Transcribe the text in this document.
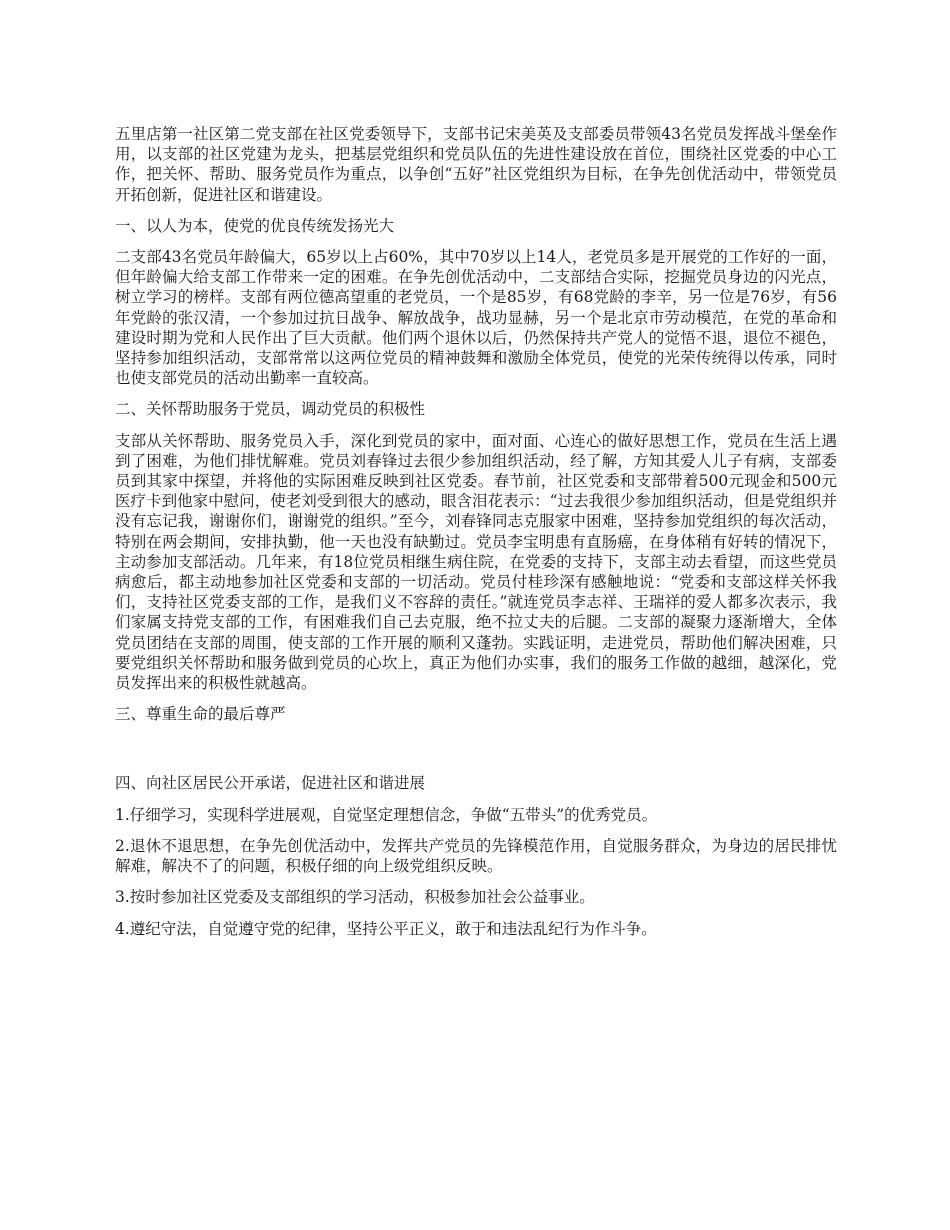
五里店第一社区第二党支部在社区党委领导下，支部书记宋美英及支部委员带领43名党员发挥战斗堡垒作用，以支部的社区党建为龙头，把基层党组织和党员队伍的先进性建设放在首位，围绕社区党委的中心工作，把关怀、帮助、服务党员作为重点，以争创“五好”社区党组织为目标，在争先创优活动中，带领党员开拓创新，促进社区和谐建设。

一、以人为本，使党的优良传统发扬光大

二支部43名党员年龄偏大，65岁以上占60%，其中70岁以上14人，老党员多是开展党的工作好的一面，但年龄偏大给支部工作带来一定的困难。在争先创优活动中，二支部结合实际，挖掘党员身边的闪光点，树立学习的榜样。支部有两位德高望重的老党员，一个是85岁，有68党龄的李辛，另一位是76岁，有56年党龄的张汉清，一个参加过抗日战争、解放战争，战功显赫，另一个是北京市劳动模范，在党的革命和建设时期为党和人民作出了巨大贡献。他们两个退休以后，仍然保持共产党人的觉悟不退，退位不褪色，坚持参加组织活动，支部常常以这两位党员的精神鼓舞和激励全体党员，使党的光荣传统得以传承，同时也使支部党员的活动出勤率一直较高。

二、关怀帮助服务于党员，调动党员的积极性

支部从关怀帮助、服务党员入手，深化到党员的家中，面对面、心连心的做好思想工作，党员在生活上遇到了困难，为他们排忧解难。党员刘春锋过去很少参加组织活动，经了解，方知其爱人儿子有病，支部委员到其家中探望，并将他的实际困难反映到社区党委。春节前，社区党委和支部带着500元现金和500元医疗卡到他家中慰问，使老刘受到很大的感动，眼含泪花表示：“过去我很少参加组织活动，但是党组织并没有忘记我，谢谢你们，谢谢党的组织。”至今，刘春锋同志克服家中困难，坚持参加党组织的每次活动，特别在两会期间，安排执勤，他一天也没有缺勤过。党员李宝明患有直肠癌，在身体稍有好转的情况下，主动参加支部活动。几年来，有18位党员相继生病住院，在党委的支持下，支部主动去看望，而这些党员病愈后，都主动地参加社区党委和支部的一切活动。党员付桂珍深有感触地说：“党委和支部这样关怀我们，支持社区党委支部的工作，是我们义不容辞的责任。”就连党员李志祥、王瑞祥的爱人都多次表示，我们家属支持党支部的工作，有困难我们自己去克服，绝不拉丈夫的后腿。二支部的凝聚力逐渐增大，全体党员团结在支部的周围，使支部的工作开展的顺利又蓬勃。实践证明，走进党员，帮助他们解决困难，只要党组织关怀帮助和服务做到党员的心坎上，真正为他们办实事，我们的服务工作做的越细，越深化，党员发挥出来的积极性就越高。

三、尊重生命的最后尊严

四、向社区居民公开承诺，促进社区和谐进展

1.仔细学习，实现科学进展观，自觉坚定理想信念，争做“五带头”的优秀党员。

2.退休不退思想，在争先创优活动中，发挥共产党员的先锋模范作用，自觉服务群众，为身边的居民排忧解难，解决不了的问题，积极仔细的向上级党组织反映。

3.按时参加社区党委及支部组织的学习活动，积极参加社会公益事业。

4.遵纪守法，自觉遵守党的纪律，坚持公平正义，敢于和违法乱纪行为作斗争。
